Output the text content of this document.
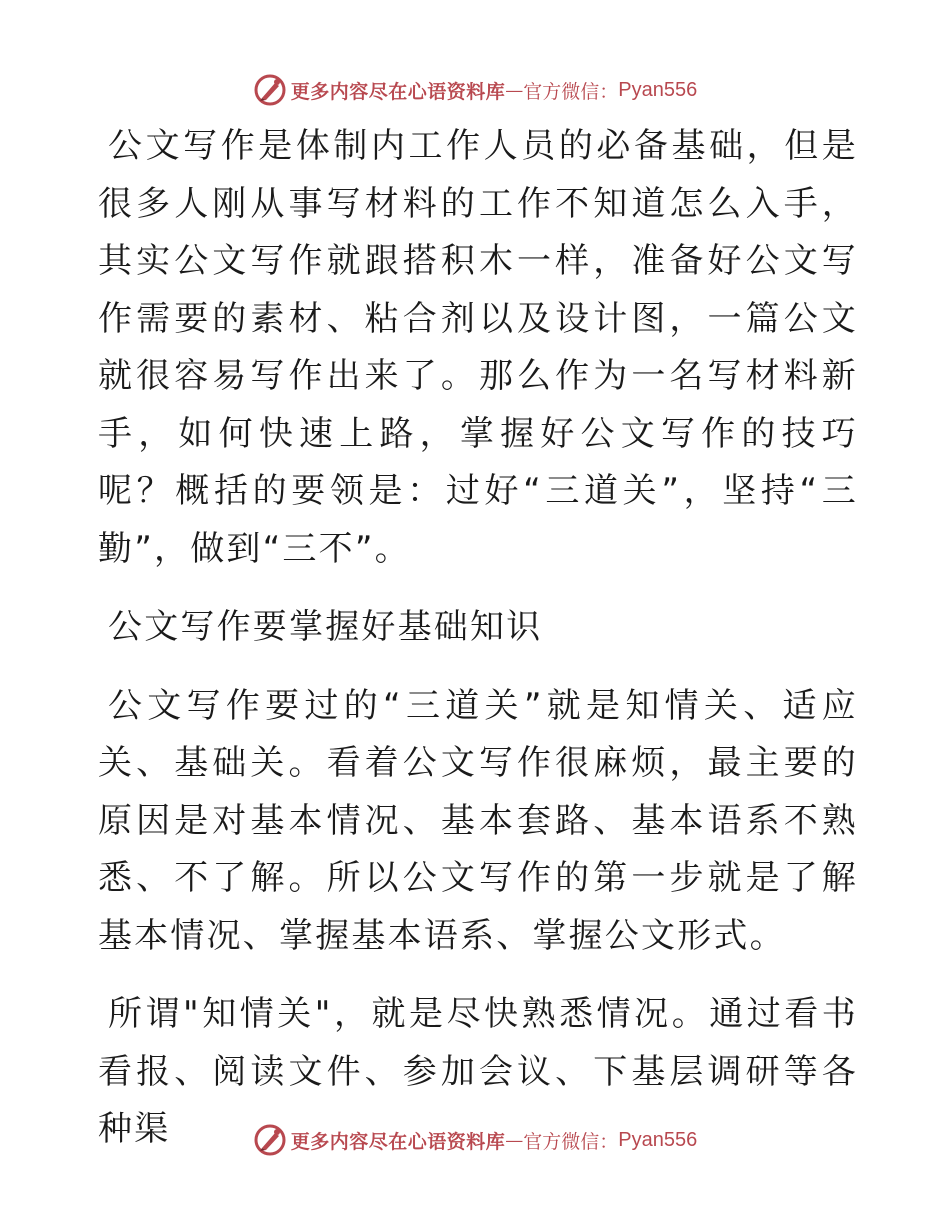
更多内容尽在心语资料库 — 官方微信： Pyan556

公文写作是体制内工作人员的必备基础，但是很多人刚从事写材料的工作不知道怎么入手，其实公文写作就跟搭积木一样，准备好公文写作需要的素材、粘合剂以及设计图，一篇公文就很容易写作出来了。那么作为一名写材料新手，如何快速上路，掌握好公文写作的技巧呢？概括的要领是：过好“三道关”，坚持“三勤”，做到“三不”。

公文写作要掌握好基础知识

公文写作要过的“三道关”就是知情关、适应关、基础关。看着公文写作很麻烦，最主要的原因是对基本情况、基本套路、基本语系不熟悉、不了解。所以公文写作的第一步就是了解基本情况、掌握基本语系、掌握公文形式。

所谓"知情关"，就是尽快熟悉情况。通过看书看报、阅读文件、参加会议、下基层调研等各种渠	更多内容尽在心语资料库 — 官方微信： Pyan556
